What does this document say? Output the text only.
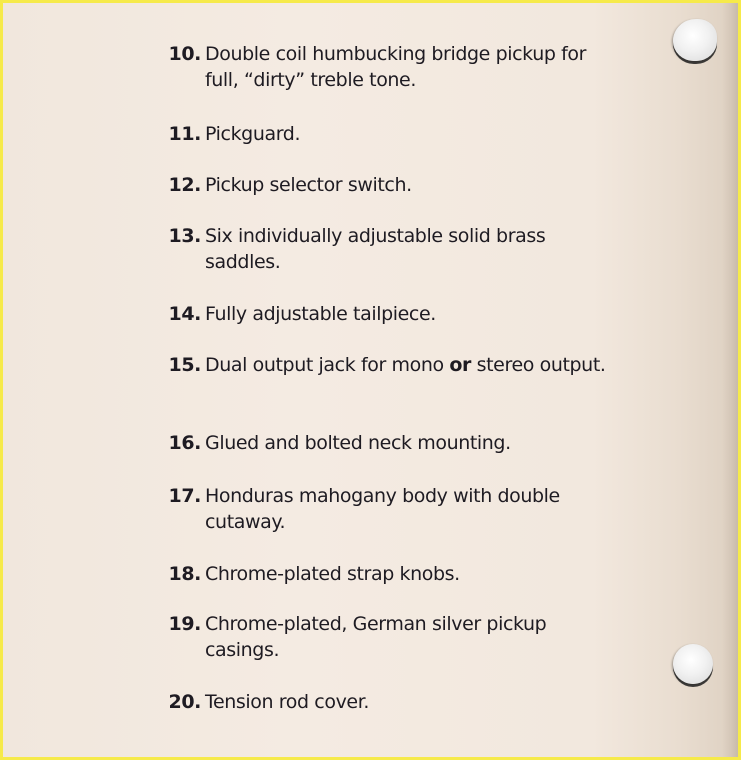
10. Double coil humbucking bridge pickup for full, “dirty” treble tone.
11. Pickguard.
12. Pickup selector switch.
13. Six individually adjustable solid brass saddles.
14. Fully adjustable tailpiece.
15. Dual output jack for mono or stereo output.
16. Glued and bolted neck mounting.
17. Honduras mahogany body with double cutaway.
18. Chrome-plated strap knobs.
19. Chrome-plated, German silver pickup casings.
20. Tension rod cover.
